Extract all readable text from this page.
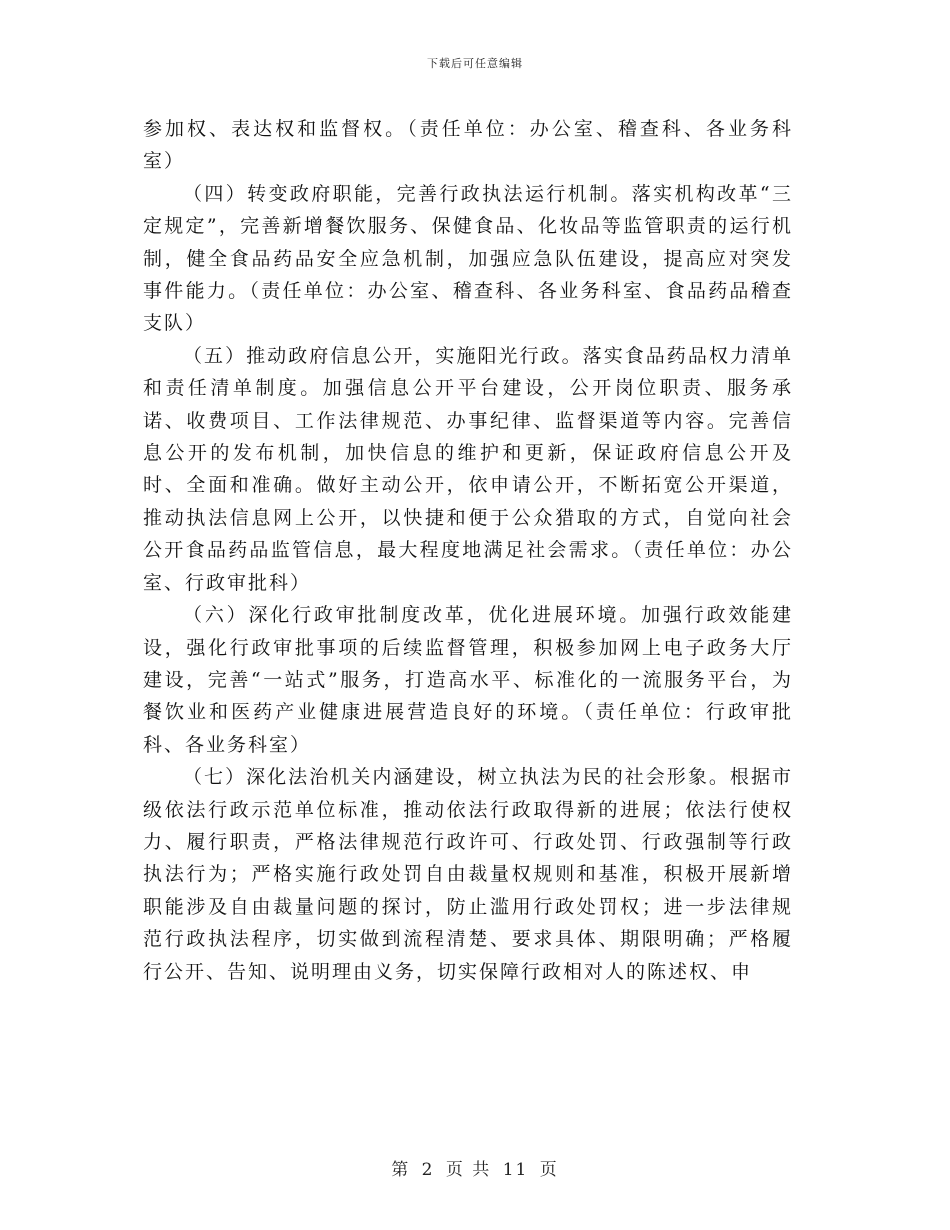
下载后可任意编辑

参加权、表达权和监督权。（责任单位：办公室、稽查科、各业务科室）

（四）转变政府职能，完善行政执法运行机制。落实机构改革“三定规定”，完善新增餐饮服务、保健食品、化妆品等监管职责的运行机制，健全食品药品安全应急机制，加强应急队伍建设，提高应对突发事件能力。（责任单位：办公室、稽查科、各业务科室、食品药品稽查支队）

（五）推动政府信息公开，实施阳光行政。落实食品药品权力清单和责任清单制度。加强信息公开平台建设，公开岗位职责、服务承诺、收费项目、工作法律规范、办事纪律、监督渠道等内容。完善信息公开的发布机制，加快信息的维护和更新，保证政府信息公开及时、全面和准确。做好主动公开，依申请公开，不断拓宽公开渠道，推动执法信息网上公开，以快捷和便于公众猎取的方式，自觉向社会公开食品药品监管信息，最大程度地满足社会需求。（责任单位：办公室、行政审批科）

（六）深化行政审批制度改革，优化进展环境。加强行政效能建设，强化行政审批事项的后续监督管理，积极参加网上电子政务大厅建设，完善“一站式”服务，打造高水平、标准化的一流服务平台，为餐饮业和医药产业健康进展营造良好的环境。（责任单位：行政审批科、各业务科室）

（七）深化法治机关内涵建设，树立执法为民的社会形象。根据市级依法行政示范单位标准，推动依法行政取得新的进展；依法行使权力、履行职责，严格法律规范行政许可、行政处罚、行政强制等行政执法行为；严格实施行政处罚自由裁量权规则和基准，积极开展新增职能涉及自由裁量问题的探讨，防止滥用行政处罚权；进一步法律规范行政执法程序，切实做到流程清楚、要求具体、期限明确；严格履行公开、告知、说明理由义务，切实保障行政相对人的陈述权、申

第 2 页 共 11 页
